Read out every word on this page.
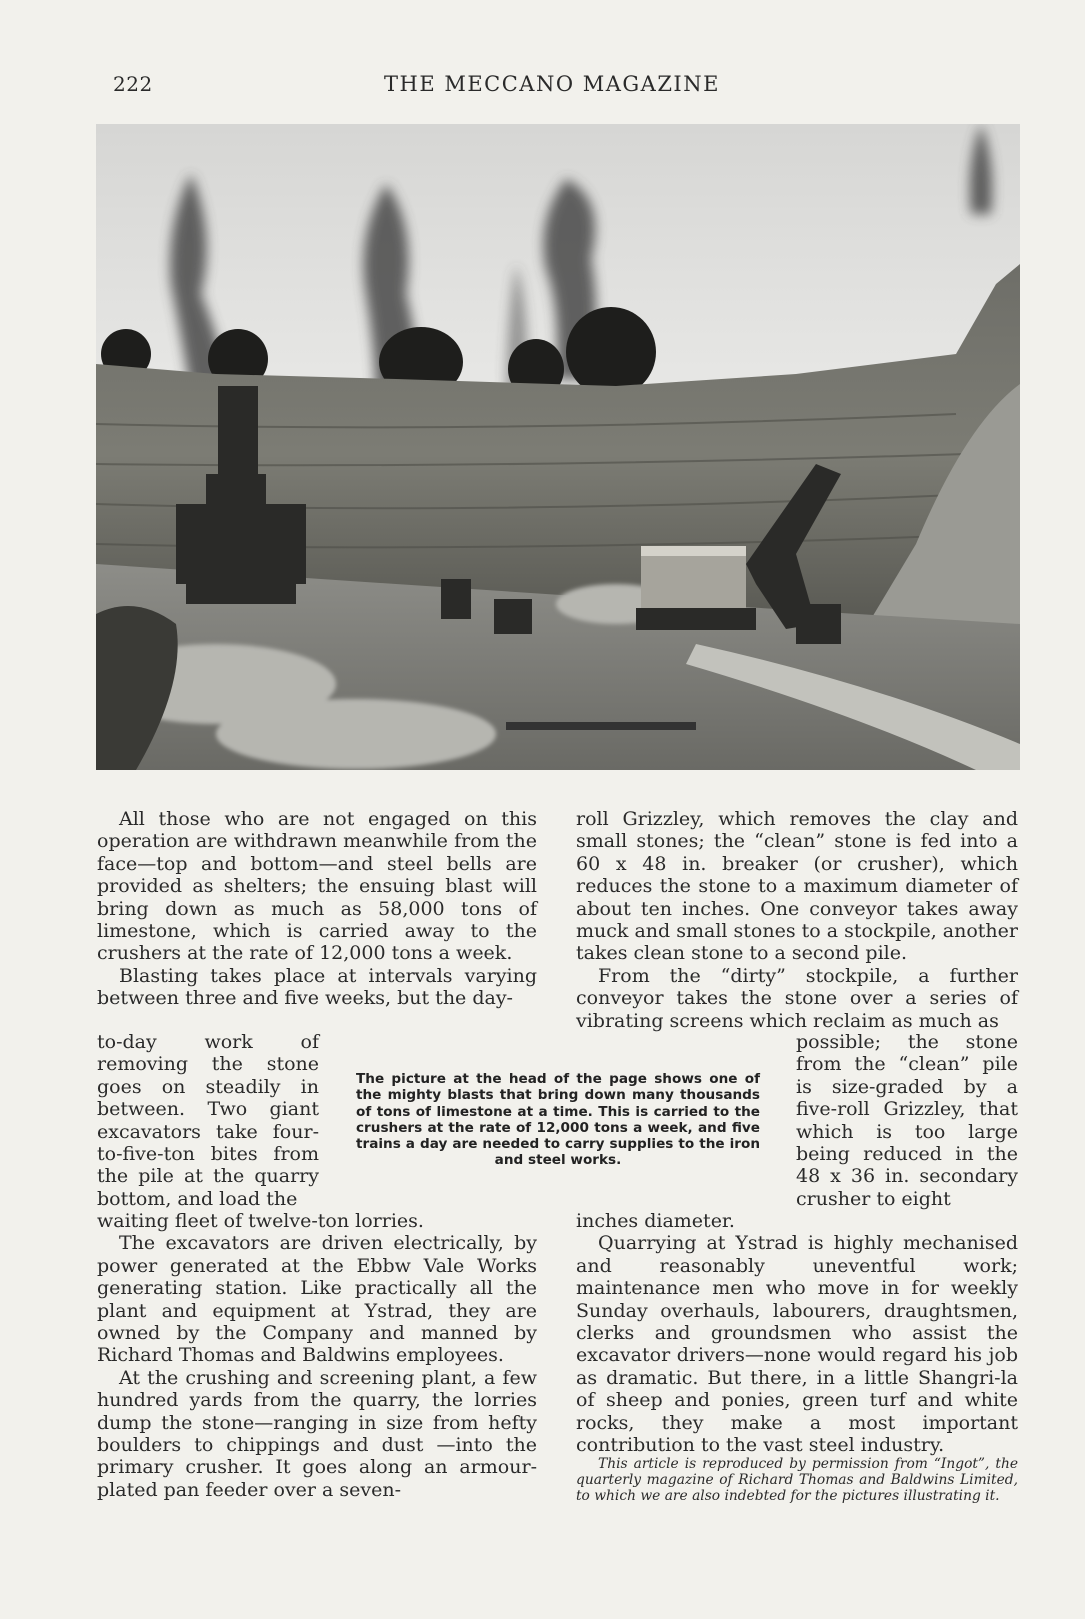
222	THE MECCANO MAGAZINE

All those who are not engaged on this operation are withdrawn meanwhile from the face—top and bottom—and steel bells are provided as shelters; the ensuing blast will bring down as much as 58,000 tons of limestone, which is carried away to the crushers at the rate of 12,000 tons a week.

Blasting takes place at intervals varying between three and five weeks, but the day-

to-day work of removing the stone goes on steadily in between. Two giant excavators take four-to-five-ton bites from the pile at the quarry bottom, and load the

waiting fleet of twelve-ton lorries.

The excavators are driven electrically, by power generated at the Ebbw Vale Works generating station. Like practically all the plant and equipment at Ystrad, they are owned by the Company and manned by Richard Thomas and Baldwins employees.

At the crushing and screening plant, a few hundred yards from the quarry, the lorries dump the stone—ranging in size from hefty boulders to chippings and dust —into the primary crusher. It goes along an armour-plated pan feeder over a seven-

The picture at the head of the page shows one of the mighty blasts that bring down many thousands of tons of limestone at a time. This is carried to the crushers at the rate of 12,000 tons a week, and five trains a day are needed to carry supplies to the iron and steel works.

roll Grizzley, which removes the clay and small stones; the “clean” stone is fed into a 60 x 48 in. breaker (or crusher), which reduces the stone to a maximum diameter of about ten inches. One conveyor takes away muck and small stones to a stockpile, another takes clean stone to a second pile.

From the “dirty” stockpile, a further conveyor takes the stone over a series of vibrating screens which reclaim as much as

possible; the stone from the “clean” pile is size-graded by a five-roll Grizzley, that which is too large being reduced in the 48 x 36 in. secondary crusher to eight

inches diameter.

Quarrying at Ystrad is highly mechanised and reasonably uneventful work; maintenance men who move in for weekly Sunday overhauls, labourers, draughtsmen, clerks and groundsmen who assist the excavator drivers—none would regard his job as dramatic. But there, in a little Shangri-la of sheep and ponies, green turf and white rocks, they make a most important contribution to the vast steel industry.

This article is reproduced by permission from “Ingot”, the quarterly magazine of Richard Thomas and Baldwins Limited, to which we are also indebted for the pictures illustrating it.
